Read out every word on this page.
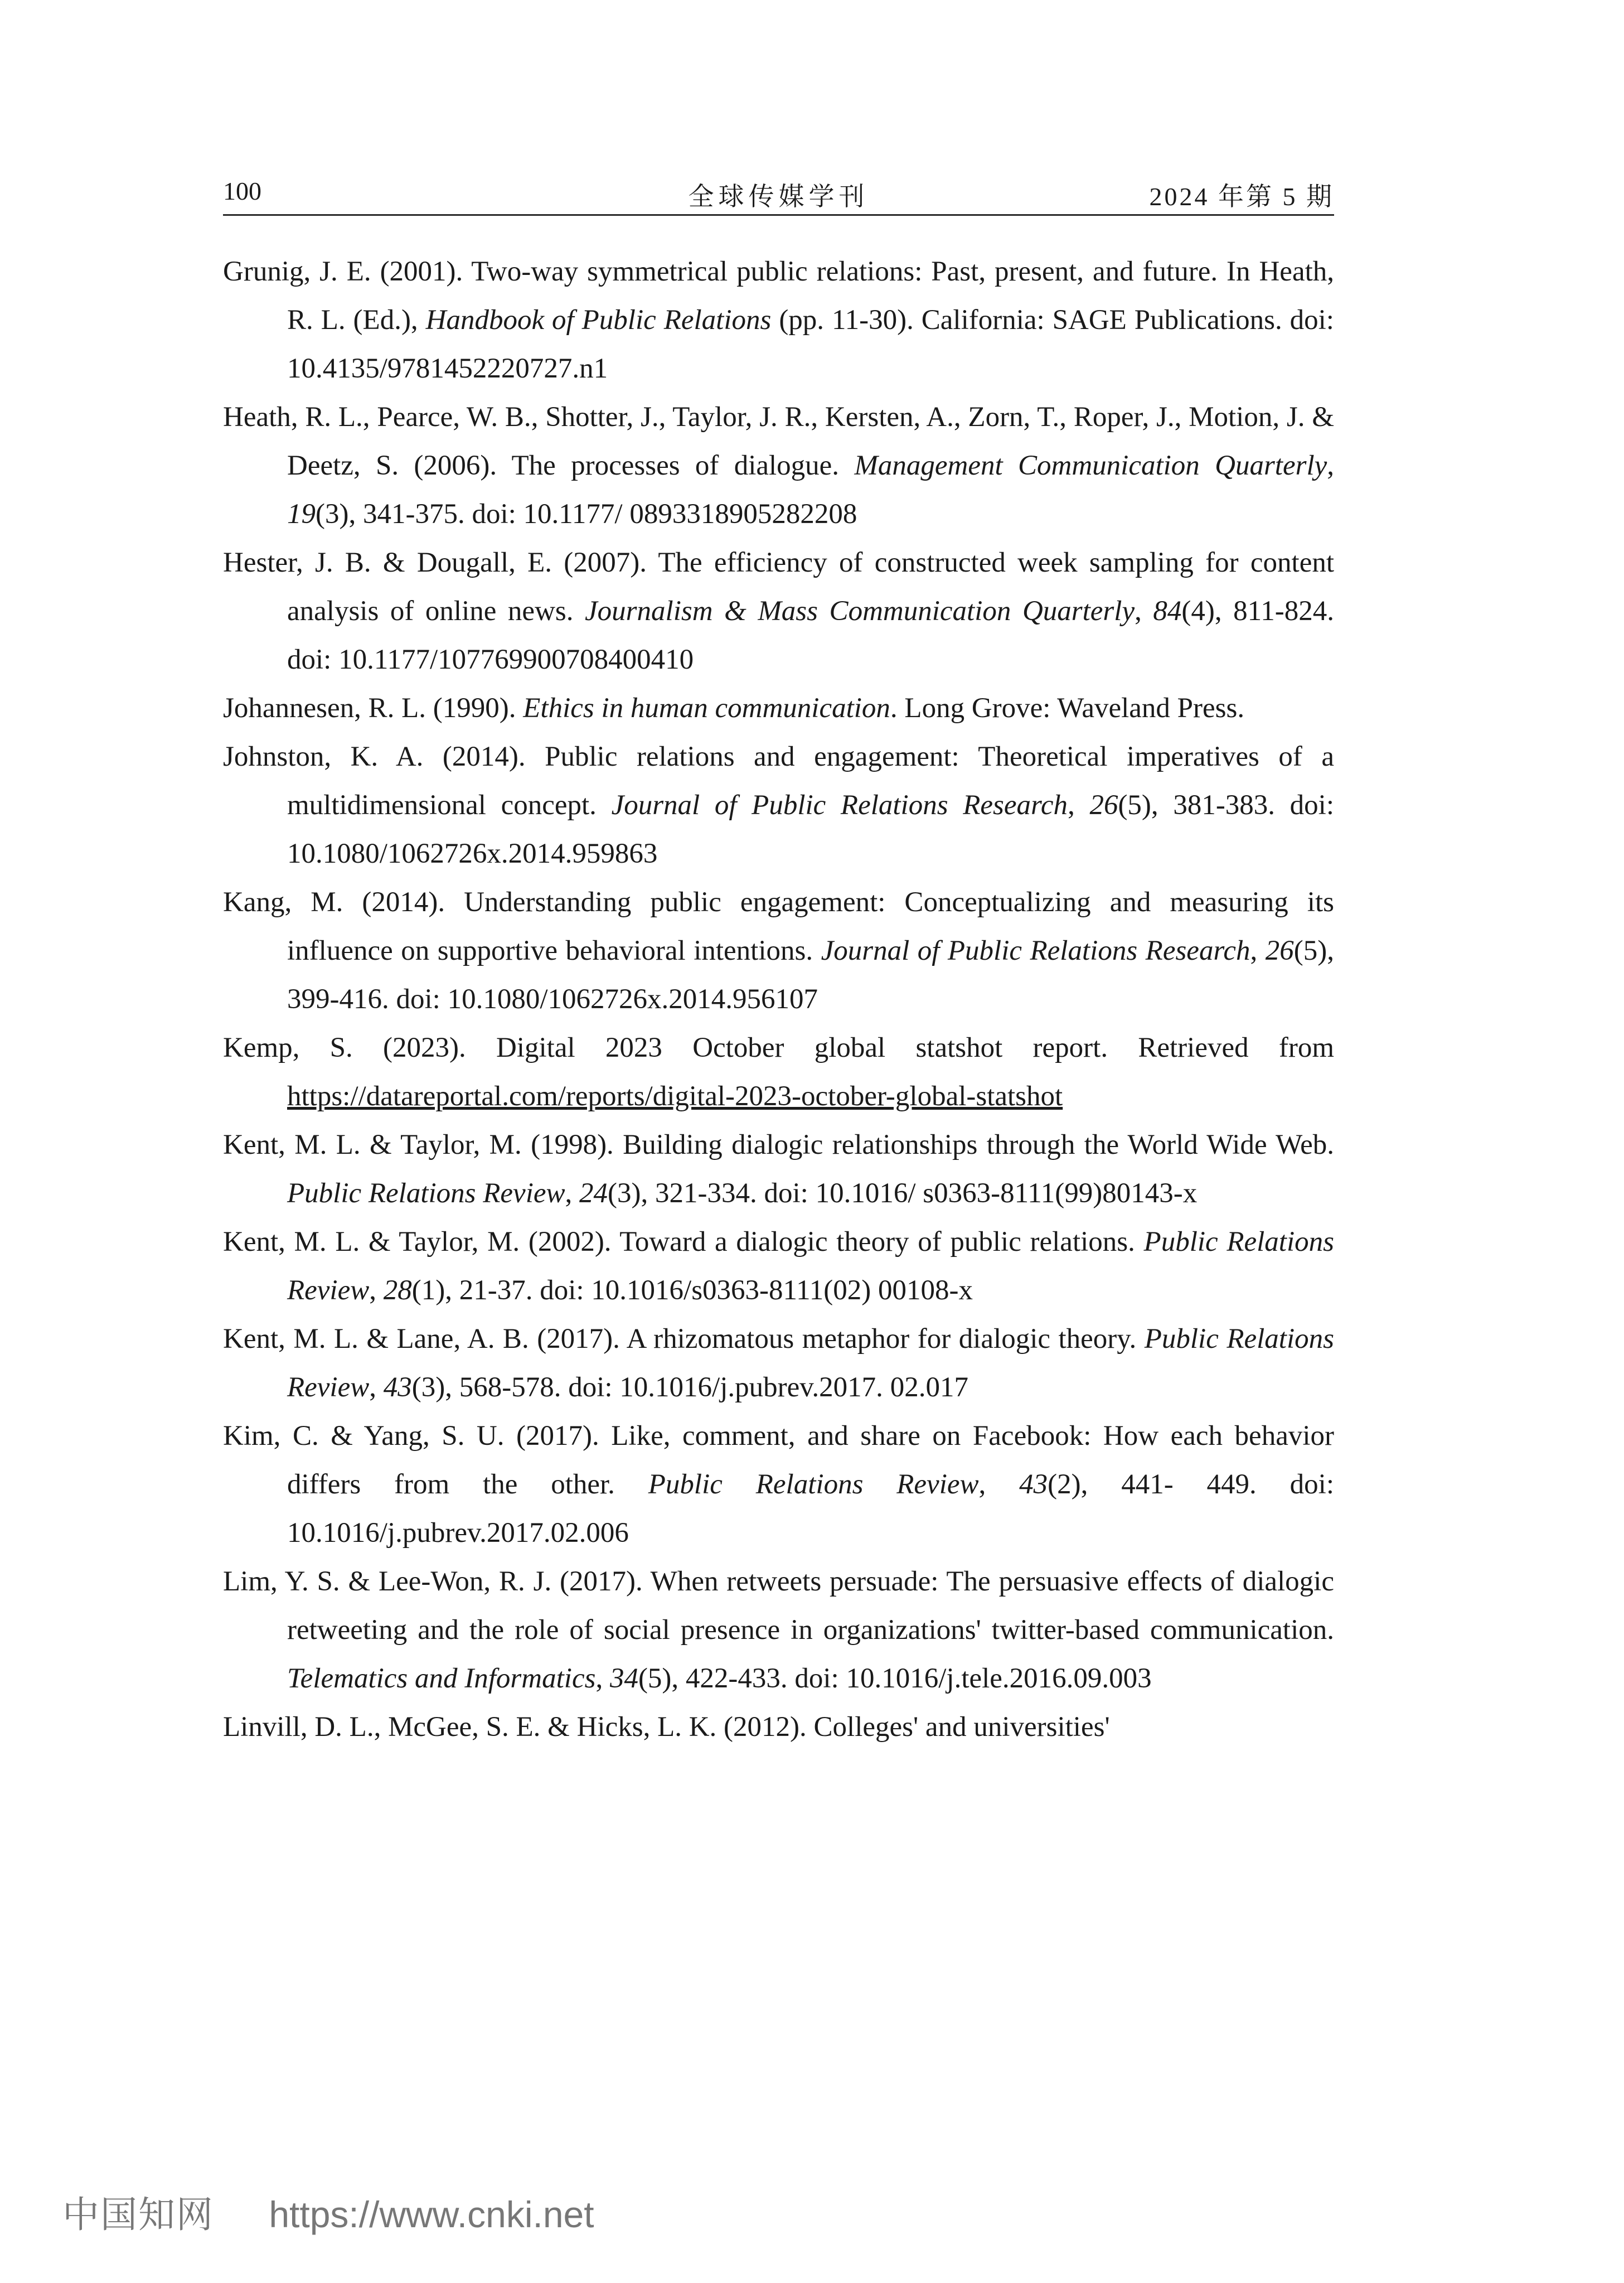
100	全球传媒学刊	2024 年第 5 期
Grunig, J. E. (2001). Two-way symmetrical public relations: Past, present, and future. In Heath, R. L. (Ed.), Handbook of Public Relations (pp. 11-30). California: SAGE Publications. doi: 10.4135/9781452220727.n1
Heath, R. L., Pearce, W. B., Shotter, J., Taylor, J. R., Kersten, A., Zorn, T., Roper, J., Motion, J. & Deetz, S. (2006). The processes of dialogue. Management Communication Quarterly, 19(3), 341-375. doi: 10.1177/ 0893318905282208
Hester, J. B. & Dougall, E. (2007). The efficiency of constructed week sampling for content analysis of online news. Journalism & Mass Communication Quarterly, 84(4), 811-824. doi: 10.1177/107769900708400410
Johannesen, R. L. (1990). Ethics in human communication. Long Grove: Waveland Press.
Johnston, K. A. (2014). Public relations and engagement: Theoretical imperatives of a multidimensional concept. Journal of Public Relations Research, 26(5), 381-383. doi: 10.1080/1062726x.2014.959863
Kang, M. (2014). Understanding public engagement: Conceptualizing and measuring its influence on supportive behavioral intentions. Journal of Public Relations Research, 26(5), 399-416. doi: 10.1080/1062726x.2014.956107
Kemp, S. (2023). Digital 2023 October global statshot report. Retrieved from https://datareportal.com/reports/digital-2023-october-global-statshot
Kent, M. L. & Taylor, M. (1998). Building dialogic relationships through the World Wide Web. Public Relations Review, 24(3), 321-334. doi: 10.1016/ s0363-8111(99)80143-x
Kent, M. L. & Taylor, M. (2002). Toward a dialogic theory of public relations. Public Relations Review, 28(1), 21-37. doi: 10.1016/s0363-8111(02) 00108-x
Kent, M. L. & Lane, A. B. (2017). A rhizomatous metaphor for dialogic theory. Public Relations Review, 43(3), 568-578. doi: 10.1016/j.pubrev.2017. 02.017
Kim, C. & Yang, S. U. (2017). Like, comment, and share on Facebook: How each behavior differs from the other. Public Relations Review, 43(2), 441- 449. doi: 10.1016/j.pubrev.2017.02.006
Lim, Y. S. & Lee-Won, R. J. (2017). When retweets persuade: The persuasive effects of dialogic retweeting and the role of social presence in organizations' twitter-based communication. Telematics and Informatics, 34(5), 422-433. doi: 10.1016/j.tele.2016.09.003
Linvill, D. L., McGee, S. E. & Hicks, L. K. (2012). Colleges' and universities'
中国知网 https://www.cnki.net
